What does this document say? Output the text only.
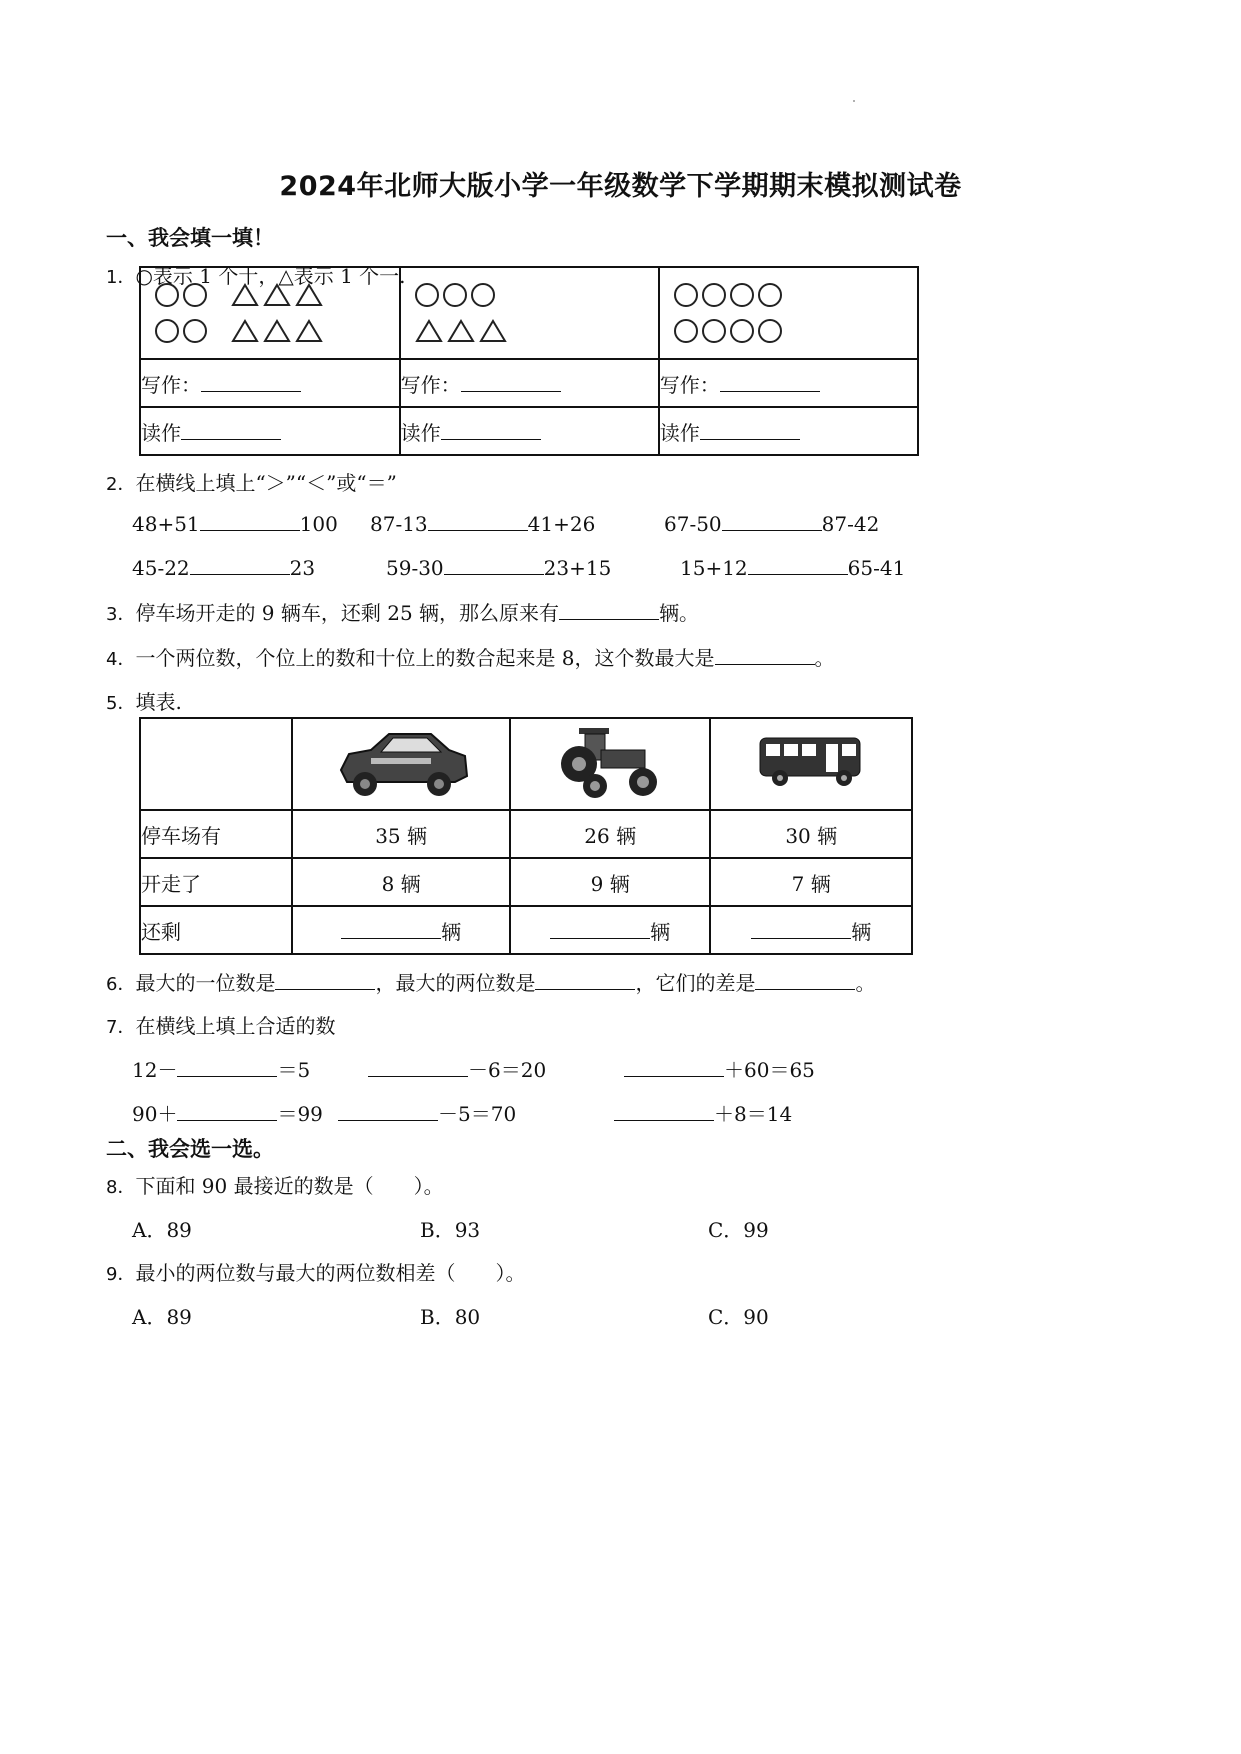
2024年北师大版小学一年级数学下学期期末模拟测试卷
一、我会填一填！
1．○表示 1 个十，△表示 1 个一.

写作：	写作：	写作：
读作	读作	读作
2．在横线上填上“＞”“＜”或“＝”
48+51	100 87-13	41+26	67-50	87-42
45-22	23	59-30	23+15	15+12	65-41
3．停车场开走的 9 辆车，还剩 25 辆，那么原来有	辆。
4．一个两位数，个位上的数和十位上的数合起来是 8，这个数最大是	。
5．填表.

停车场有	35 辆	26 辆	30 辆
开走了	8 辆	9 辆	7 辆
还剩	辆	辆	辆
6．最大的一位数是	，最大的两位数是	，它们的差是	。
7．在横线上填上合适的数
12－	＝5	－6＝20	＋60＝65
90＋	＝99	－5＝70	＋8＝14
二、我会选一选。
8．下面和 90 最接近的数是（　　）。
A．89	B．93	C．99
9．最小的两位数与最大的两位数相差（　　）。
A．89	B．80	C．90
